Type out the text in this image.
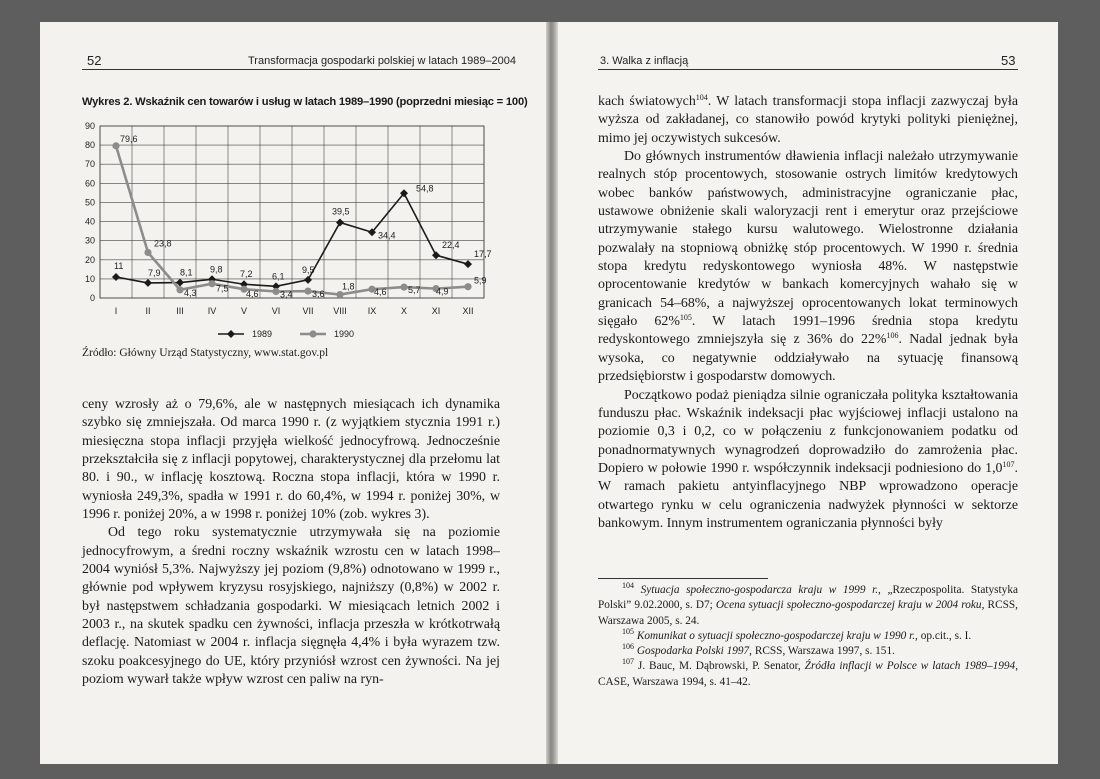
52	Transformacja gospodarki polskiej w latach 1989–2004
Wykres 2. Wskaźnik cen towarów i usług w latach 1989–1990 (poprzedni miesiąc = 100)
0
10
20
30
40
50
60
70
80
90
I	II	III	IV	V	VI VII VIII IX	X	XI XII
11
7,9 8,1 9,8 7,2 6,1
9,5
39,5
34,4
54,8
22,4
17,7
79,6
23,8
4,3 7,5
4,6 3,4 3,6
1,8
4,6 5,7 4,9
5,9
1989	1990
Źródło: Główny Urząd Statystyczny, www.stat.gov.pl

ceny wzrosły aż o 79,6%, ale w następnych miesiącach ich dynamika szybko się zmniejszała. Od marca 1990 r. (z wyjątkiem stycznia 1991 r.) miesięczna stopa inflacji przyjęła wielkość jednocyfrową. Jednocześnie przekształciła się z inflacji popytowej, charakterystycznej dla przełomu lat 80. i 90., w inflację kosztową. Roczna stopa inflacji, która w 1990 r. wyniosła 249,3%, spadła w 1991 r. do 60,4%, w 1994 r. poniżej 30%, w 1996 r. poniżej 20%, a w 1998 r. poniżej 10% (zob. wykres 3).

Od tego roku systematycznie utrzymywała się na poziomie jednocyfrowym, a średni roczny wskaźnik wzrostu cen w latach 1998–2004 wyniósł 5,3%. Najwyższy jej poziom (9,8%) odnotowano w 1999 r., głównie pod wpływem kryzysu rosyjskiego, najniższy (0,8%) w 2002 r. był następstwem schładzania gospodarki. W miesiącach letnich 2002 i 2003 r., na skutek spadku cen żywności, inflacja przeszła w krótkotrwałą deflację. Natomiast w 2004 r. inflacja sięgnęła 4,4% i była wyrazem tzw. szoku poakcesyjnego do UE, który przyniósł wzrost cen żywności. Na jej poziom wywarł także wpływ wzrost cen paliw na ryn-

3. Walka z inflacją	53

kach światowych$^{104}$. W latach transformacji stopa inflacji zazwyczaj była wyższa od zakładanej, co stanowiło powód krytyki polityki pieniężnej, mimo jej oczywistych sukcesów.

Do głównych instrumentów dławienia inflacji należało utrzymywanie realnych stóp procentowych, stosowanie ostrych limitów kredytowych wobec banków państwowych, administracyjne ograniczanie płac, ustawowe obniżenie skali waloryzacji rent i emerytur oraz przejściowe utrzymywanie stałego kursu walutowego. Wielostronne działania pozwalały na stopniową obniżkę stóp procentowych. W 1990 r. średnia stopa kredytu redyskontowego wyniosła 48%. W następstwie oprocentowanie kredytów w bankach komercyjnych wahało się w granicach 54–68%, a najwyższej oprocentowanych lokat terminowych sięgało 62%$^{105}$. W latach 1991–1996 średnia stopa kredytu redyskontowego zmniejszyła się z 36% do 22%$^{106}$. Nadal jednak była wysoka, co negatywnie oddziaływało na sytuację finansową przedsiębiorstw i gospodarstw domowych.

Początkowo podaż pieniądza silnie ograniczała polityka kształtowania funduszu płac. Wskaźnik indeksacji płac wyjściowej inflacji ustalono na poziomie 0,3 i 0,2, co w połączeniu z funkcjonowaniem podatku od ponadnormatywnych wynagrodzeń doprowadziło do zamrożenia płac. Dopiero w połowie 1990 r. współczynnik indeksacji podniesiono do $1,0^{107}$. W ramach pakietu antyinflacyjnego NBP wprowadzono operacje otwartego rynku w celu ograniczenia nadwyżek płynności w sektorze bankowym. Innym instrumentem ograniczania płynności były

$^{104}$ Sytuacja społeczno-gospodarcza kraju w 1999 r., „Rzeczpospolita. Statystyka Polski” 9.02.2000, s. D7; Ocena sytuacji społeczno-gospodarczej kraju w 2004 roku, RCSS, Warszawa 2005, s. 24.

$^{105}$ Komunikat o sytuacji społeczno-gospodarczej kraju w 1990 r., op.cit., s. I.

$^{106}$ Gospodarka Polski 1997, RCSS, Warszawa 1997, s. 151.

$^{107}$ J. Bauc, M. Dąbrowski, P. Senator, Źródła inflacji w Polsce w latach 1989–1994, CASE, Warszawa 1994, s. 41–42.
